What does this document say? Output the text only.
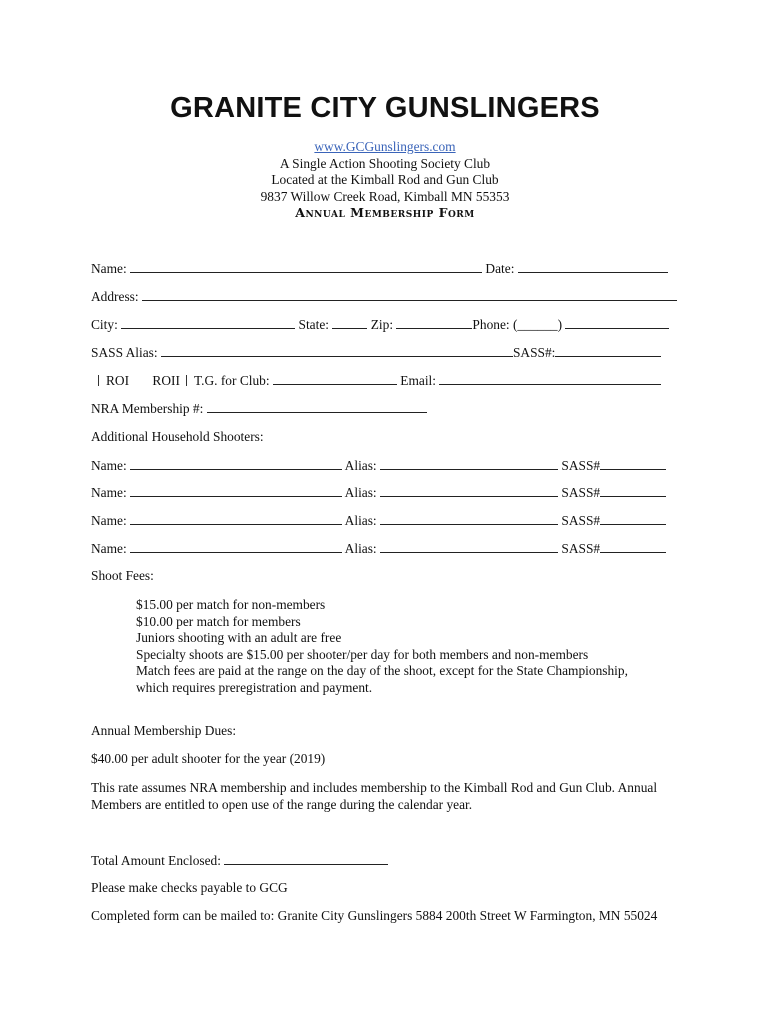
GRANITE CITY GUNSLINGERS
www.GCGunslingers.com
A Single Action Shooting Society Club
Located at the Kimball Rod and Gun Club
9837 Willow Creek Road, Kimball MN 55353
Annual Membership Form
Name:	Date:
Address:
City:	State:	Zip:	Phone: (______)
SASS Alias:	SASS#:
ROI ROII T.G. for Club:	Email:
NRA Membership #:
Additional Household Shooters:
Name:	Alias:	SASS#
Name:	Alias:	SASS#
Name:	Alias:	SASS#
Name:	Alias:	SASS#
Shoot Fees:
$15.00 per match for non-members
$10.00 per match for members
Juniors shooting with an adult are free
Specialty shoots are $15.00 per shooter/per day for both members and non-members
Match fees are paid at the range on the day of the shoot, except for the State Championship,
which requires preregistration and payment.
Annual Membership Dues:
$40.00 per adult shooter for the year (2019)
This rate assumes NRA membership and includes membership to the Kimball Rod and Gun Club. Annual Members are entitled to open use of the range during the calendar year.
Total Amount Enclosed:
Please make checks payable to GCG
Completed form can be mailed to: Granite City Gunslingers 5884 200th Street W Farmington, MN 55024
